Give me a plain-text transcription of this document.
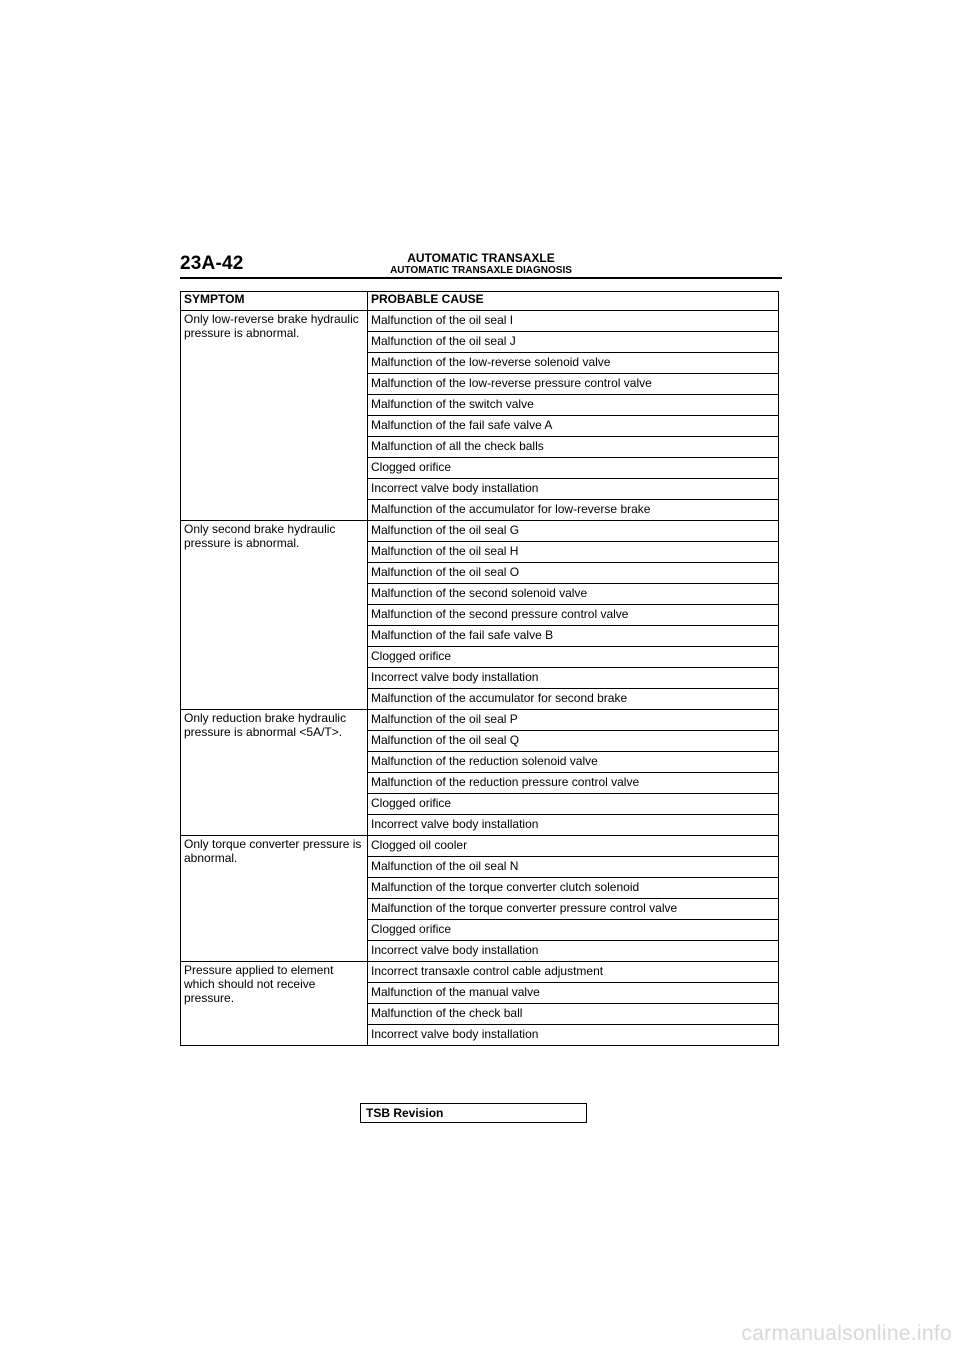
23A-42	AUTOMATIC TRANSAXLE
AUTOMATIC TRANSAXLE DIAGNOSIS
SYMPTOM	PROBABLE CAUSE
Only low-reverse brake hydraulic pressure is abnormal.	Malfunction of the oil seal I
	Malfunction of the oil seal J
	Malfunction of the low-reverse solenoid valve
	Malfunction of the low-reverse pressure control valve
	Malfunction of the switch valve
	Malfunction of the fail safe valve A
	Malfunction of all the check balls
	Clogged orifice
	Incorrect valve body installation
	Malfunction of the accumulator for low-reverse brake
Only second brake hydraulic pressure is abnormal.	Malfunction of the oil seal G
	Malfunction of the oil seal H
	Malfunction of the oil seal O
	Malfunction of the second solenoid valve
	Malfunction of the second pressure control valve
	Malfunction of the fail safe valve B
	Clogged orifice
	Incorrect valve body installation
	Malfunction of the accumulator for second brake
Only reduction brake hydraulic pressure is abnormal <5A/T>.	Malfunction of the oil seal P
	Malfunction of the oil seal Q
	Malfunction of the reduction solenoid valve
	Malfunction of the reduction pressure control valve
	Clogged orifice
	Incorrect valve body installation
Only torque converter pressure is abnormal.	Clogged oil cooler
	Malfunction of the oil seal N
	Malfunction of the torque converter clutch solenoid
	Malfunction of the torque converter pressure control valve
	Clogged orifice
	Incorrect valve body installation
Pressure applied to element which should not receive pressure.	Incorrect transaxle control cable adjustment
	Malfunction of the manual valve
	Malfunction of the check ball
	Incorrect valve body installation
TSB Revision
carmanualsonline.info
